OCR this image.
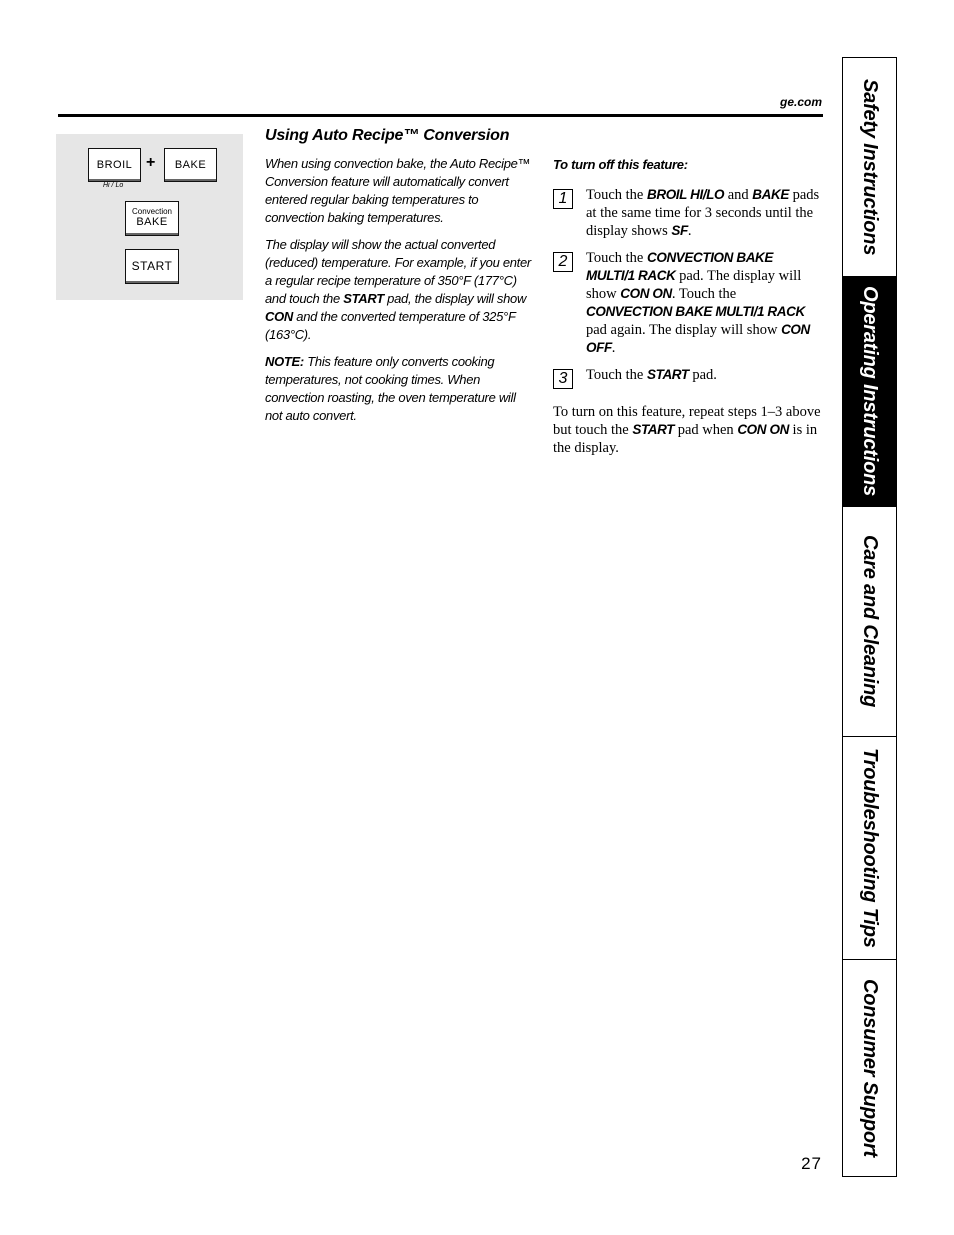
ge.com
BROIL
Hi / Lo
+	BAKE
Convection
BAKE
START
Using Auto Recipe™ Conversion

When using convection bake, the Auto Recipe™ Conversion feature will automatically convert entered regular baking temperatures to convection baking temperatures.

The display will show the actual converted (reduced) temperature. For example, if you enter a regular recipe temperature of 350°F (177°C) and touch the START pad, the display will show CON and the converted temperature of 325°F (163°C).

NOTE: This feature only converts cooking temperatures, not cooking times. When convection roasting, the oven temperature will not auto convert.

To turn off this feature:
1	Touch the BROIL HI/LO and BAKE pads at the same time for 3 seconds until the display shows SF.
2	Touch the CONVECTION BAKE MULTI/1 RACK pad. The display will show CON ON. Touch the CONVECTION BAKE MULTI/1 RACK pad again. The display will show CON OFF.
3	Touch the START pad.
To turn on this feature, repeat steps 1–3 above but touch the START pad when CON ON is in the display.
27
Safety Instructions
Operating Instructions
Care and Cleaning
Troubleshooting Tips
Consumer Support
